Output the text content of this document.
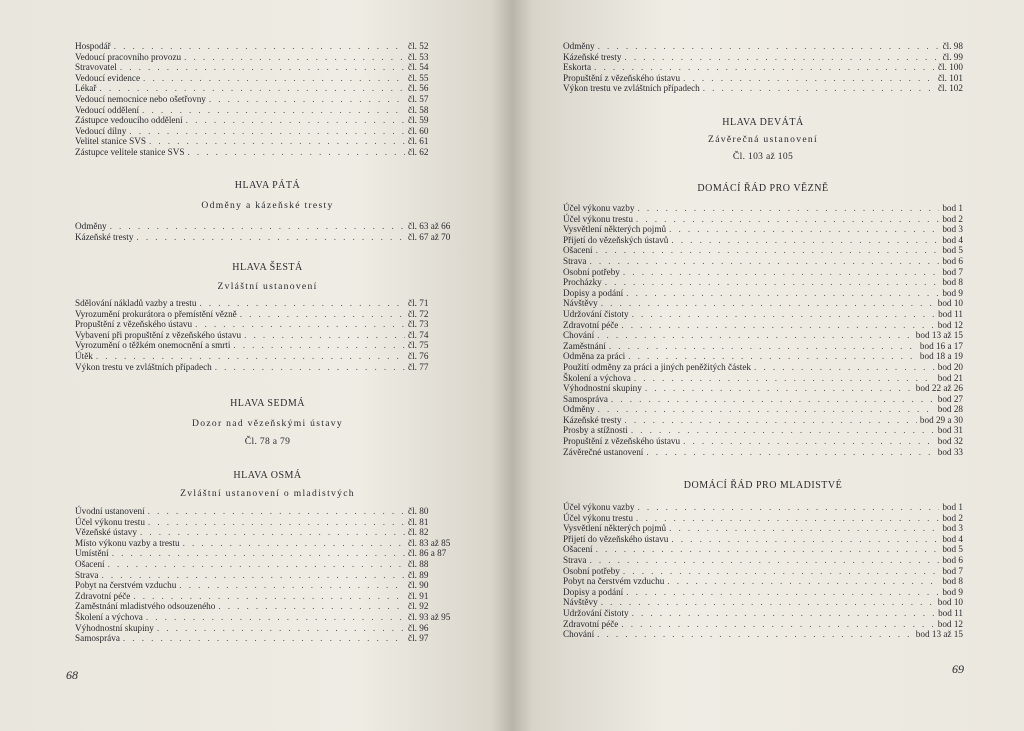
Hospodář . . .	čl. 52
Vedoucí pracovního provozu . . .	čl. 53
Stravovatel . . .	čl. 54
Vedoucí evidence . . .	čl. 55
Lékař . . .	čl. 56
Vedoucí nemocnice nebo ošetřovny . . .	čl. 57
Vedoucí oddělení . . .	čl. 58
Zástupce vedoucího oddělení . . .	čl. 59
Vedoucí dílny . . .	čl. 60
Velitel stanice SVS . . .	čl. 61
Zástupce velitele stanice SVS . . .	čl. 62
HLAVA PÁTÁ
Odměny a kázeňské tresty
Odměny . . .	čl. 63 až 66
Kázeňské tresty . . .	čl. 67 až 70
HLAVA ŠESTÁ
Zvláštní ustanovení
Sdělování nákladů vazby a trestu . . .	čl. 71
Vyrozumění prokurátora o přemístění vězně . . .	čl. 72
Propuštění z vězeňského ústavu . . .	čl. 73
Vybavení při propuštění z vězeňského ústavu . . .	čl. 74
Vyrozumění o těžkém onemocnění a smrti . . .	čl. 75
Útěk . . .	čl. 76
Výkon trestu ve zvláštních případech . . .	čl. 77
HLAVA SEDMÁ
Dozor nad vězeňskými ústavy
Čl. 78 a 79
HLAVA OSMÁ
Zvláštní ustanovení o mladistvých
Úvodní ustanovení . . .	čl. 80
Účel výkonu trestu . . .	čl. 81
Vězeňské ústavy . . .	čl. 82
Místo výkonu vazby a trestu . . .	čl. 83 až 85
Umístění . . .	čl. 86 a 87
Ošacení . . .	čl. 88
Strava . . .	čl. 89
Pobyt na čerstvém vzduchu . . .	čl. 90
Zdravotní péče . . .	čl. 91
Zaměstnání mladistvého odsouzeného . . .	čl. 92
Školení a výchova . . .	čl. 93 až 95
Výhodnostní skupiny . . .	čl. 96
Samospráva . . .	čl. 97
68
Odměny . . .	čl. 98
Kázeňské tresty . . .	čl. 99
Eskorta . . .	čl. 100
Propuštění z vězeňského ústavu . . .	čl. 101
Výkon trestu ve zvláštních případech . . .	čl. 102
HLAVA DEVÁTÁ
Závěrečná ustanovení
Čl. 103 až 105
DOMÁCÍ ŘÁD PRO VĚZNĚ
Účel výkonu vazby . . .	bod 1
Účel výkonu trestu . . .	bod 2
Vysvětlení některých pojmů . . .	bod 3
Přijetí do vězeňských ústavů . . .	bod 4
Ošacení . . .	bod 5
Strava . . .	bod 6
Osobní potřeby . . .	bod 7
Procházky . . .	bod 8
Dopisy a podání . . .	bod 9
Návštěvy . . .	bod 10
Udržování čistoty . . .	bod 11
Zdravotní péče . . .	bod 12
Chování . . .	bod 13 až 15
Zaměstnání . . .	bod 16 a 17
Odměna za práci . . .	bod 18 a 19
Použití odměny za práci a jiných peněžitých částek . . .	bod 20
Školení a výchova . . .	bod 21
Výhodnostní skupiny . . .	bod 22 až 26
Samospráva . . .	bod 27
Odměny . . .	bod 28
Kázeňské tresty . . .	bod 29 a 30
Prosby a stížnosti . . .	bod 31
Propuštění z vězeňského ústavu . . .	bod 32
Závěrečné ustanovení . . .	bod 33
DOMÁCÍ ŘÁD PRO MLADISTVÉ
Účel výkonu vazby . . .	bod 1
Účel výkonu trestu . . .	bod 2
Vysvětlení některých pojmů . . .	bod 3
Přijetí do vězeňského ústavu . . .	bod 4
Ošacení . . .	bod 5
Strava . . .	bod 6
Osobní potřeby . . .	bod 7
Pobyt na čerstvém vzduchu . . .	bod 8
Dopisy a podání . . .	bod 9
Návštěvy . . .	bod 10
Udržování čistoty . . .	bod 11
Zdravotní péče . . .	bod 12
Chování . . .	bod 13 až 15
69
